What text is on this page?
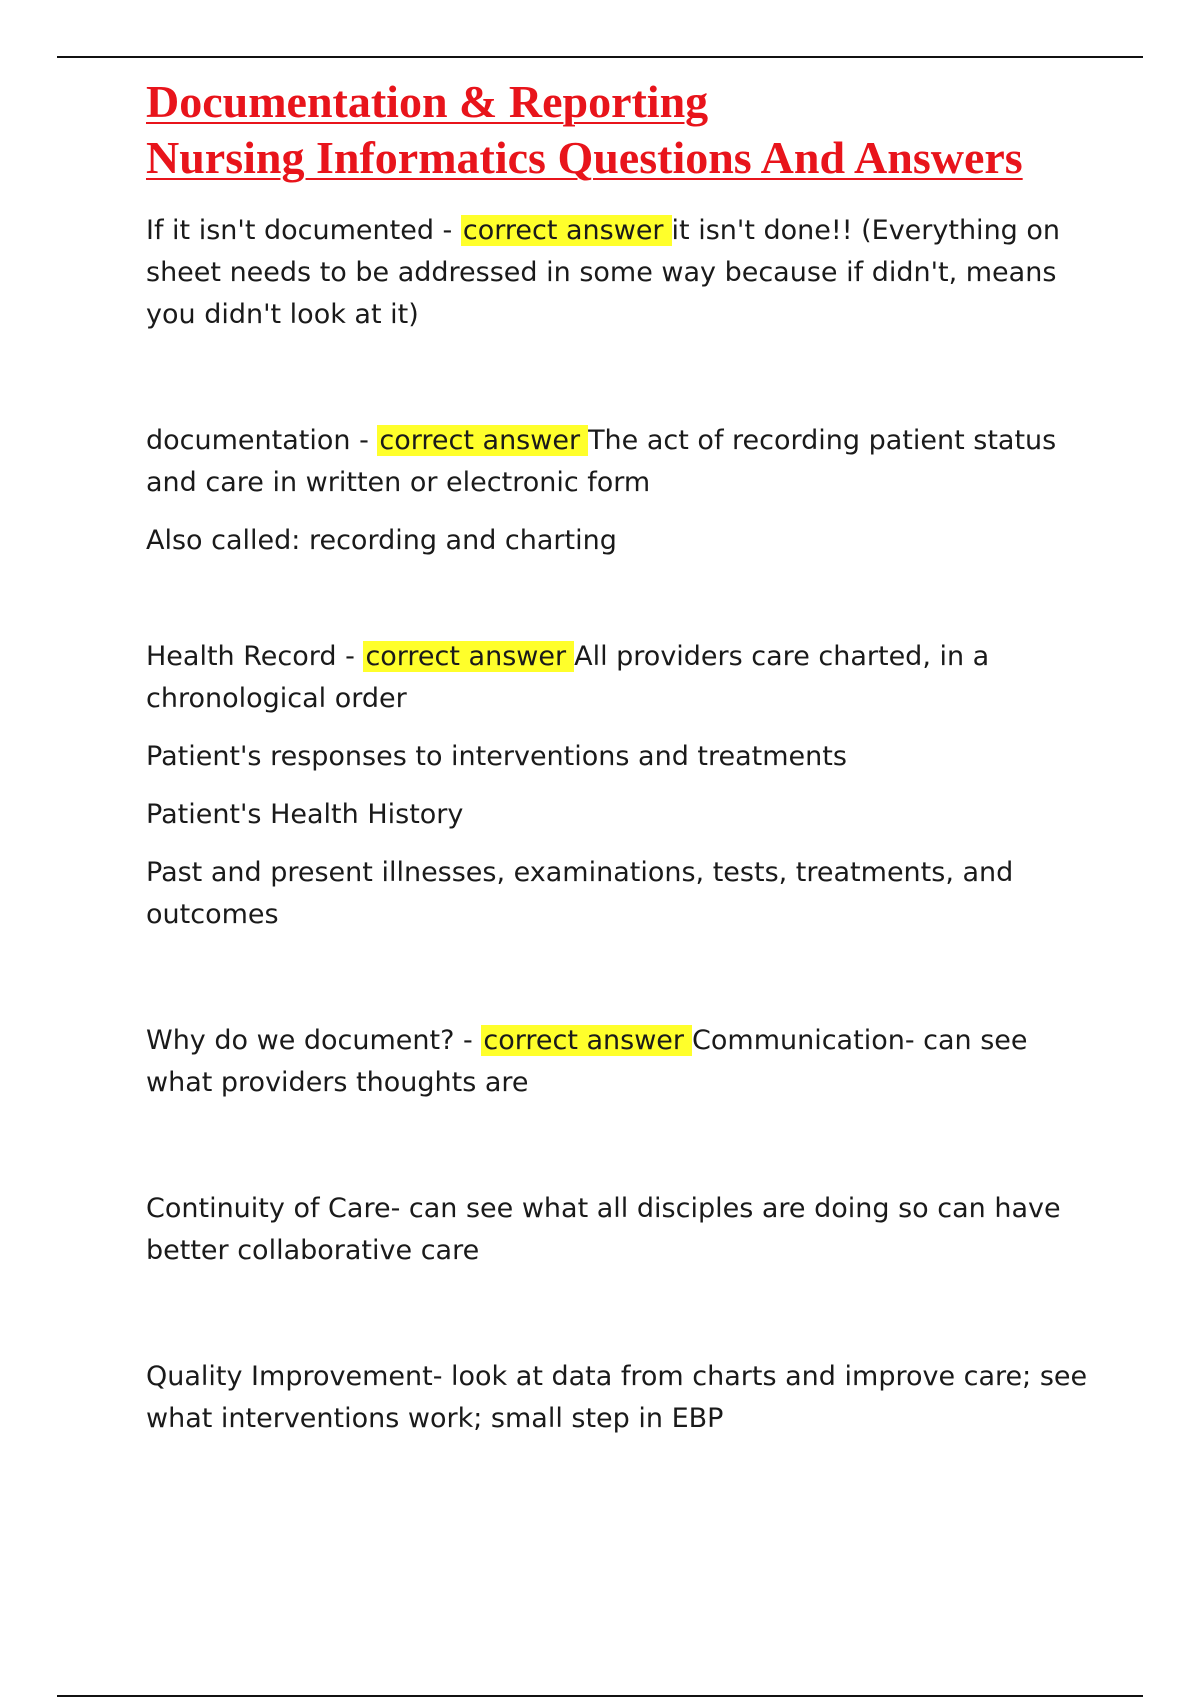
Documentation & Reporting
Nursing Informatics Questions And Answers

If it isn't documented - correct answer it isn't done!! (Everything on sheet needs to be addressed in some way because if didn't, means you didn't look at it)

documentation - correct answer The act of recording patient status and care in written or electronic form

Also called: recording and charting

Health Record - correct answer All providers care charted, in a chronological order

Patient's responses to interventions and treatments

Patient's Health History

Past and present illnesses, examinations, tests, treatments, and outcomes

Why do we document? - correct answer Communication- can see what providers thoughts are

Continuity of Care- can see what all disciples are doing so can have better collaborative care

Quality Improvement- look at data from charts and improve care; see what interventions work; small step in EBP
